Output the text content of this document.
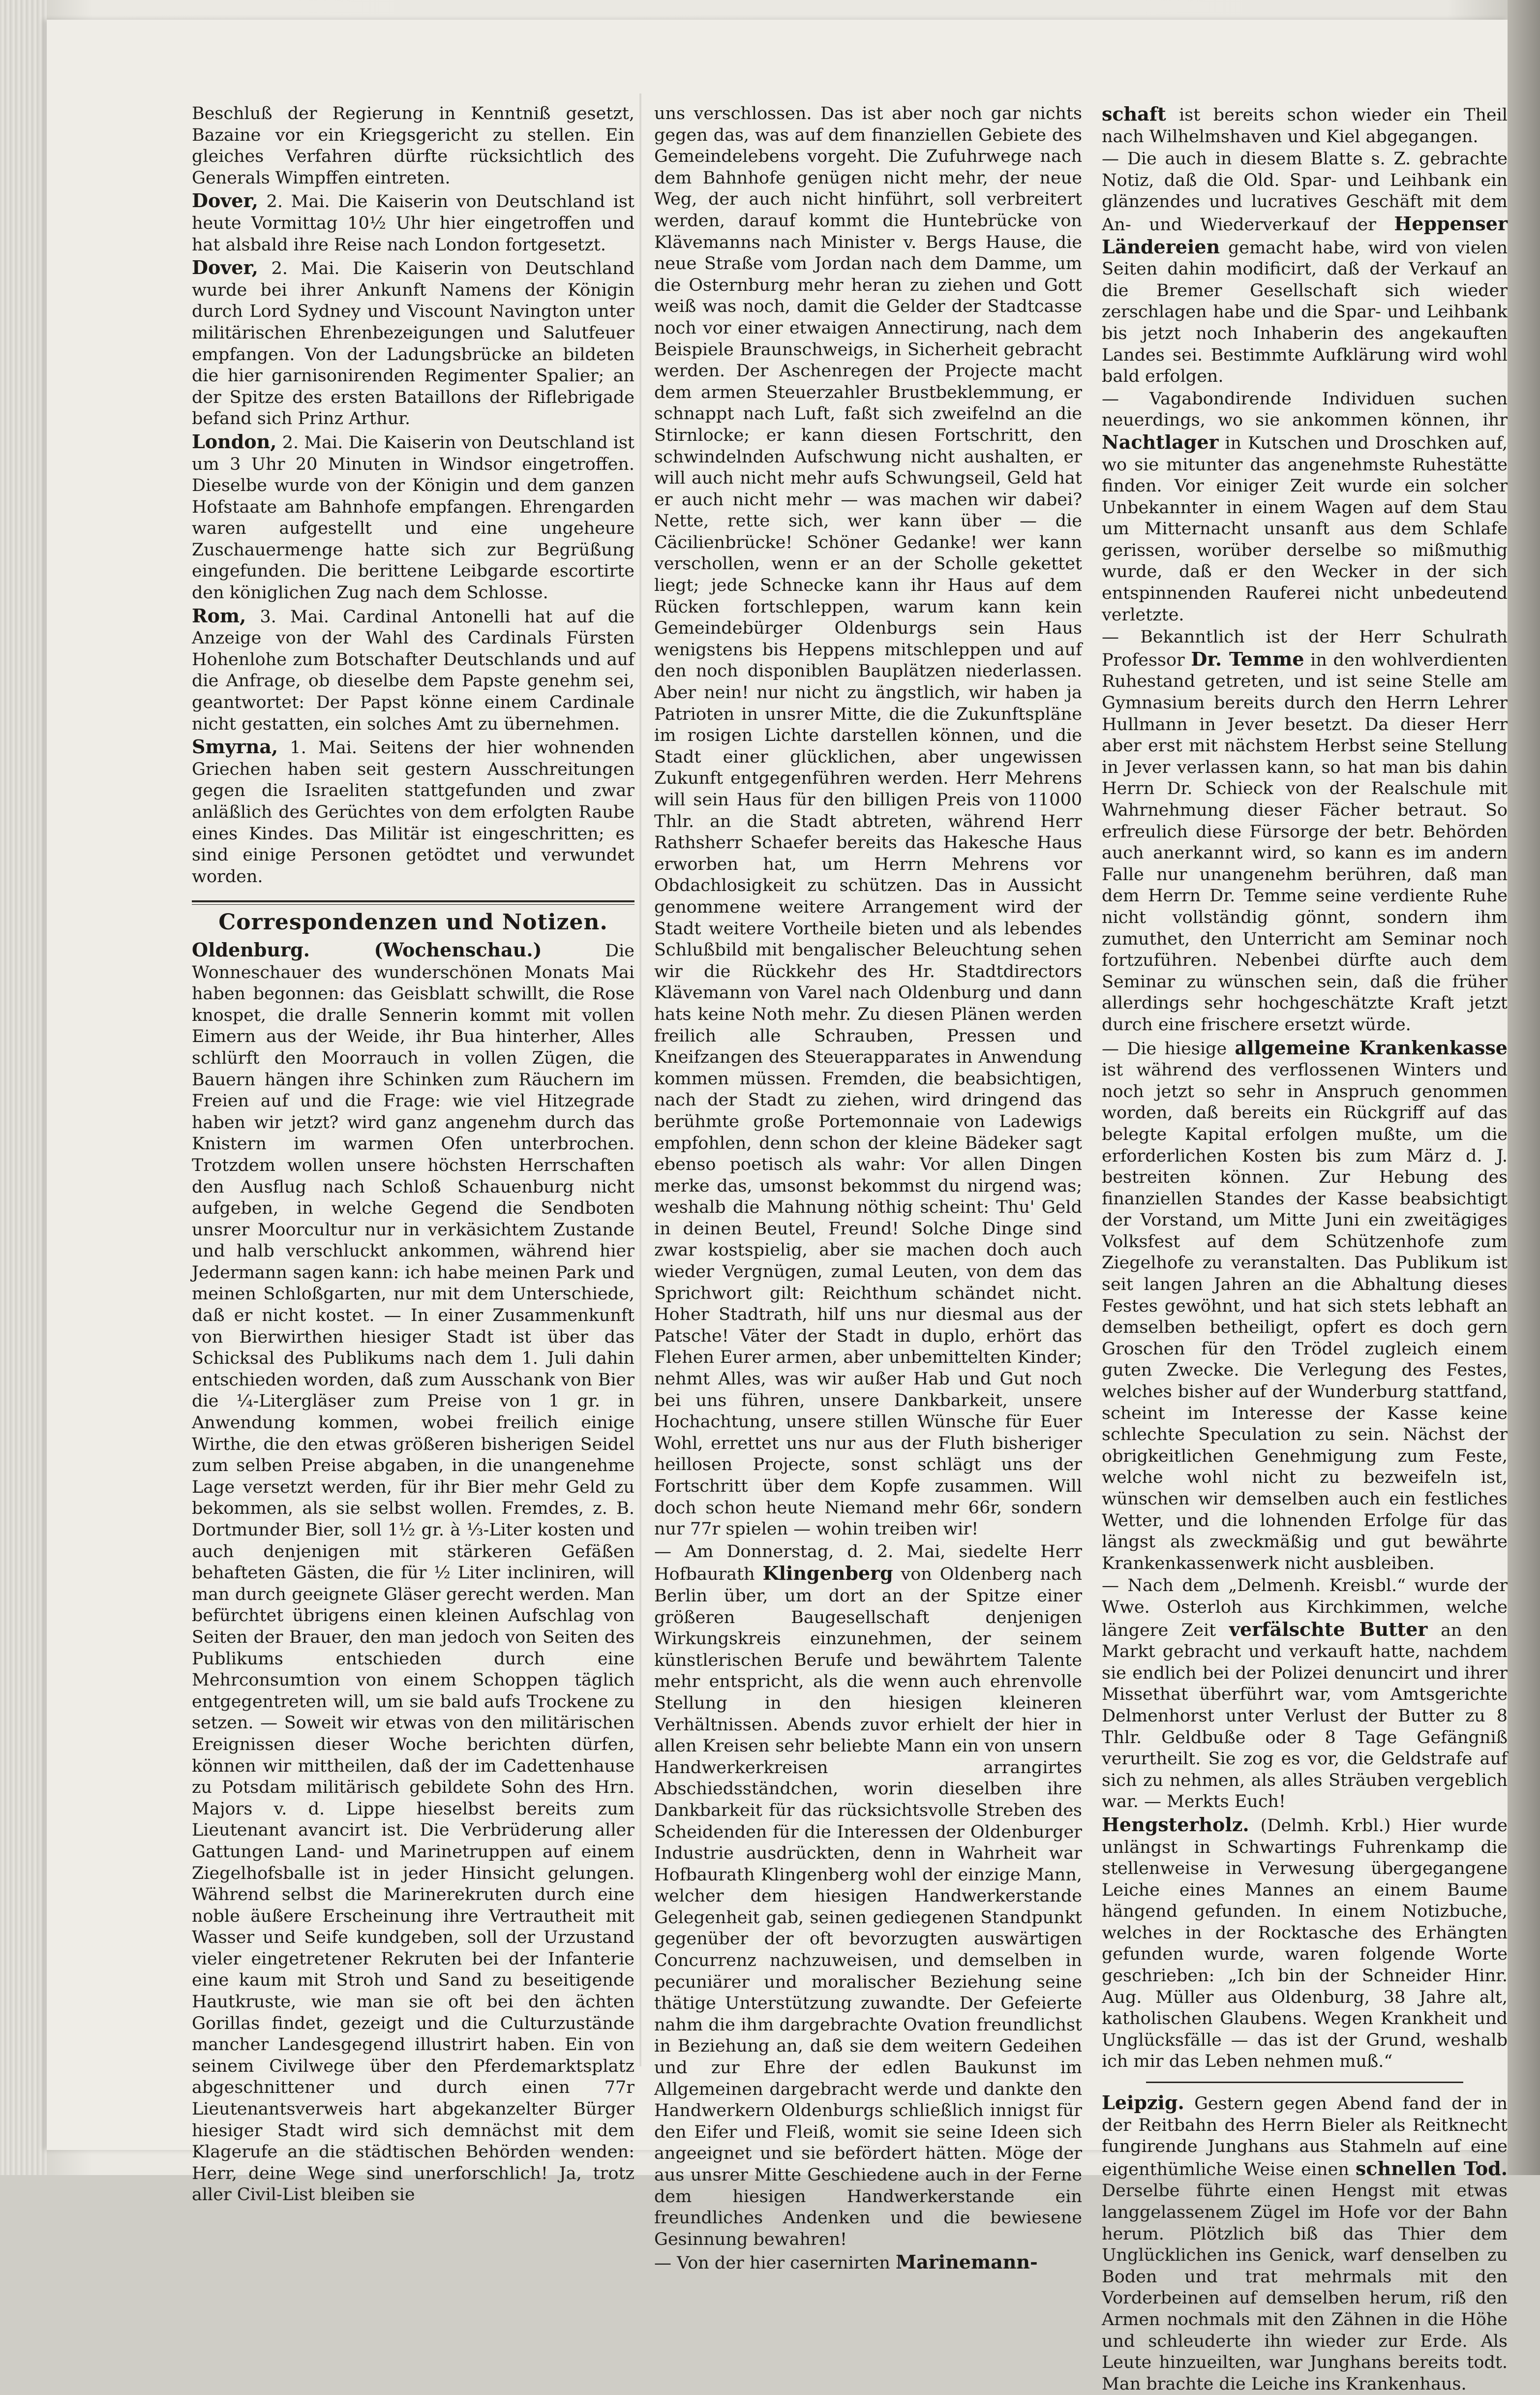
Beschluß der Regierung in Kenntniß gesetzt, Bazaine vor ein Kriegsgericht zu stellen. Ein gleiches Verfahren dürfte rücksichtlich des Generals Wimpffen eintreten.

Dover, 2. Mai. Die Kaiserin von Deutschland ist heute Vormittag 10½ Uhr hier eingetroffen und hat alsbald ihre Reise nach London fortgesetzt.

Dover, 2. Mai. Die Kaiserin von Deutschland wurde bei ihrer Ankunft Namens der Königin durch Lord Sydney und Viscount Navington unter militärischen Ehrenbezeigungen und Salutfeuer empfangen. Von der Ladungsbrücke an bildeten die hier garnisonirenden Regimenter Spalier; an der Spitze des ersten Bataillons der Riflebrigade befand sich Prinz Arthur.

London, 2. Mai. Die Kaiserin von Deutschland ist um 3 Uhr 20 Minuten in Windsor eingetroffen. Dieselbe wurde von der Königin und dem ganzen Hofstaate am Bahnhofe empfangen. Ehrengarden waren aufgestellt und eine ungeheure Zuschauermenge hatte sich zur Begrüßung eingefunden. Die berittene Leibgarde escortirte den königlichen Zug nach dem Schlosse.

Rom, 3. Mai. Cardinal Antonelli hat auf die Anzeige von der Wahl des Cardinals Fürsten Hohenlohe zum Botschafter Deutschlands und auf die Anfrage, ob dieselbe dem Papste genehm sei, geantwortet: Der Papst könne einem Cardinale nicht gestatten, ein solches Amt zu übernehmen.

Smyrna, 1. Mai. Seitens der hier wohnenden Griechen haben seit gestern Ausschreitungen gegen die Israeliten stattgefunden und zwar anläßlich des Gerüchtes von dem erfolgten Raube eines Kindes. Das Militär ist eingeschritten; es sind einige Personen getödtet und verwundet worden.

Correspondenzen und Notizen.

Oldenburg. (Wochenschau.)	Die Wonneschauer des wunderschönen Monats Mai haben begonnen: das Geisblatt schwillt, die Rose knospet, die dralle Sennerin kommt mit vollen Eimern aus der Weide, ihr Bua hinterher, Alles schlürft den Moorrauch in vollen Zügen, die Bauern hängen ihre Schinken zum Räuchern im Freien auf und die Frage: wie viel Hitzegrade haben wir jetzt? wird ganz angenehm durch das Knistern im warmen Ofen unterbrochen. Trotzdem wollen unsere höchsten Herrschaften den Ausflug nach Schloß Schauenburg nicht aufgeben, in welche Gegend die Sendboten unsrer Moorcultur nur in verkäsichtem Zustande und halb verschluckt ankommen, während hier Jedermann sagen kann: ich habe meinen Park und meinen Schloßgarten, nur mit dem Unterschiede, daß er nicht kostet. — In einer Zusammenkunft von Bierwirthen hiesiger Stadt ist über das Schicksal des Publikums nach dem 1. Juli dahin entschieden worden, daß zum Ausschank von Bier die ¼-Litergläser zum Preise von 1 gr. in Anwendung kommen, wobei freilich einige Wirthe, die den etwas größeren bisherigen Seidel zum selben Preise abgaben, in die unangenehme Lage versetzt werden, für ihr Bier mehr Geld zu bekommen, als sie selbst wollen. Fremdes, z. B. Dortmunder Bier, soll 1½ gr. à ⅓-Liter kosten und auch denjenigen mit stärkeren Gefäßen behafteten Gästen, die für ½ Liter incliniren, will man durch geeignete Gläser gerecht werden. Man befürchtet übrigens einen kleinen Aufschlag von Seiten der Brauer, den man jedoch von Seiten des Publikums entschieden durch eine Mehrconsumtion von einem Schoppen täglich entgegentreten will, um sie bald aufs Trockene zu setzen. — Soweit wir etwas von den militärischen Ereignissen dieser Woche berichten dürfen, können wir mittheilen, daß der im Cadettenhause zu Potsdam militärisch gebildete Sohn des Hrn. Majors v. d. Lippe hieselbst bereits zum Lieutenant avancirt ist. Die Verbrüderung aller Gattungen Land- und Marinetruppen auf einem Ziegelhofsballe ist in jeder Hinsicht gelungen. Während selbst die Marinerekruten durch eine noble äußere Erscheinung ihre Vertrautheit mit Wasser und Seife kundgeben, soll der Urzustand vieler eingetretener Rekruten bei der Infanterie eine kaum mit Stroh und Sand zu beseitigende Hautkruste, wie man sie oft bei den ächten Gorillas findet, gezeigt und die Culturzustände mancher Landesgegend illustrirt haben. Ein von seinem Civilwege über den Pferdemarktsplatz abgeschnittener und durch einen 77r Lieutenantsverweis hart abgekanzelter Bürger hiesiger Stadt wird sich demnächst mit dem Klagerufe an die städtischen Behörden wenden: Herr, deine Wege sind unerforschlich! Ja, trotz aller Civil-List bleiben sie

uns verschlossen. Das ist aber noch gar nichts gegen das, was auf dem finanziellen Gebiete des Gemeindelebens vorgeht. Die Zufuhrwege nach dem Bahnhofe genügen nicht mehr, der neue Weg, der auch nicht hinführt, soll verbreitert werden, darauf kommt die Huntebrücke von Klävemanns nach Minister v. Bergs Hause, die neue Straße vom Jordan nach dem Damme, um die Osternburg mehr heran zu ziehen und Gott weiß was noch, damit die Gelder der Stadtcasse noch vor einer etwaigen Annectirung, nach dem Beispiele Braunschweigs, in Sicherheit gebracht werden. Der Aschenregen der Projecte macht dem armen Steuerzahler Brustbeklemmung, er schnappt nach Luft, faßt sich zweifelnd an die Stirnlocke; er kann diesen Fortschritt, den schwindelnden Aufschwung nicht aushalten, er will auch nicht mehr aufs Schwungseil, Geld hat er auch nicht mehr — was machen wir dabei? Nette, rette sich, wer kann über — die Cäcilienbrücke! Schöner Gedanke! wer kann verschollen, wenn er an der Scholle gekettet liegt; jede Schnecke kann ihr Haus auf dem Rücken fortschleppen, warum kann kein Gemeindebürger Oldenburgs sein Haus wenigstens bis Heppens mitschleppen und auf den noch disponiblen Bauplätzen niederlassen. Aber nein! nur nicht zu ängstlich, wir haben ja Patrioten in unsrer Mitte, die die Zukunftspläne im rosigen Lichte darstellen können, und die Stadt einer glücklichen, aber ungewissen Zukunft entgegenführen werden. Herr Mehrens will sein Haus für den billigen Preis von 11000 Thlr. an die Stadt abtreten, während Herr Rathsherr Schaefer bereits das Hakesche Haus erworben hat, um Herrn Mehrens vor Obdachlosigkeit zu schützen. Das in Aussicht genommene weitere Arrangement wird der Stadt weitere Vortheile bieten und als lebendes Schlußbild mit bengalischer Beleuchtung sehen wir die Rückkehr des Hr. Stadtdirectors Klävemann von Varel nach Oldenburg und dann hats keine Noth mehr. Zu diesen Plänen werden freilich alle Schrauben, Pressen und Kneifzangen des Steuerapparates in Anwendung kommen müssen. Fremden, die beabsichtigen, nach der Stadt zu ziehen, wird dringend das berühmte große Portemonnaie von Ladewigs empfohlen, denn schon der kleine Bädeker sagt ebenso poetisch als wahr: Vor allen Dingen merke das, umsonst bekommst du nirgend was; weshalb die Mahnung nöthig scheint: Thu' Geld in deinen Beutel, Freund! Solche Dinge sind zwar kostspielig, aber sie machen doch auch wieder Vergnügen, zumal Leuten, von dem das Sprichwort gilt: Reichthum schändet nicht. Hoher Stadtrath, hilf uns nur diesmal aus der Patsche! Väter der Stadt in duplo, erhört das Flehen Eurer armen, aber unbemittelten Kinder; nehmt Alles, was wir außer Hab und Gut noch bei uns führen, unsere Dankbarkeit, unsere Hochachtung, unsere stillen Wünsche für Euer Wohl, errettet uns nur aus der Fluth bisheriger heillosen Projecte, sonst schlägt uns der Fortschritt über dem Kopfe zusammen. Will doch schon heute Niemand mehr 66r, sondern nur 77r spielen — wohin treiben wir!

— Am Donnerstag, d. 2. Mai, siedelte Herr Hofbaurath Klingenberg von Oldenberg nach Berlin über, um dort an der Spitze einer größeren Baugesellschaft denjenigen Wirkungskreis einzunehmen, der seinem künstlerischen Berufe und bewährtem Talente mehr entspricht, als die wenn auch ehrenvolle Stellung in den hiesigen kleineren Verhältnissen. Abends zuvor erhielt der hier in allen Kreisen sehr beliebte Mann ein von unsern Handwerkerkreisen arrangirtes Abschiedsständchen, worin dieselben ihre Dankbarkeit für das rücksichtsvolle Streben des Scheidenden für die Interessen der Oldenburger Industrie ausdrückten, denn in Wahrheit war Hofbaurath Klingenberg wohl der einzige Mann, welcher dem hiesigen Handwerkerstande Gelegenheit gab, seinen gediegenen Standpunkt gegenüber der oft bevorzugten auswärtigen Concurrenz nachzuweisen, und demselben in pecuniärer und moralischer Beziehung seine thätige Unterstützung zuwandte. Der Gefeierte nahm die ihm dargebrachte Ovation freundlichst in Beziehung an, daß sie dem weitern Gedeihen und zur Ehre der edlen Baukunst im Allgemeinen dargebracht werde und dankte den Handwerkern Oldenburgs schließlich innigst für den Eifer und Fleiß, womit sie seine Ideen sich angeeignet und sie befördert hätten. Möge der aus unsrer Mitte Geschiedene auch in der Ferne dem hiesigen Handwerkerstande ein freundliches Andenken und die bewiesene Gesinnung bewahren!

— Von der hier casernirten Marinemann-

schaft ist bereits schon wieder ein Theil nach Wilhelmshaven und Kiel abgegangen.

— Die auch in diesem Blatte s. Z. gebrachte Notiz, daß die Old. Spar- und Leihbank ein glänzendes und lucratives Geschäft mit dem An- und Wiederverkauf der Heppenser Ländereien gemacht habe, wird von vielen Seiten dahin modificirt, daß der Verkauf an die Bremer Gesellschaft sich wieder zerschlagen habe und die Spar- und Leihbank bis jetzt noch Inhaberin des angekauften Landes sei. Bestimmte Aufklärung wird wohl bald erfolgen.

— Vagabondirende Individuen suchen neuerdings, wo sie ankommen können, ihr Nachtlager in Kutschen und Droschken auf, wo sie mitunter das angenehmste Ruhestätte finden. Vor einiger Zeit wurde ein solcher Unbekannter in einem Wagen auf dem Stau um Mitternacht unsanft aus dem Schlafe gerissen, worüber derselbe so mißmuthig wurde, daß er den Wecker in der sich entspinnenden Rauferei nicht unbedeutend verletzte.

— Bekanntlich ist der Herr Schulrath Professor Dr. Temme in den wohlverdienten Ruhestand getreten, und ist seine Stelle am Gymnasium bereits durch den Herrn Lehrer Hullmann in Jever besetzt. Da dieser Herr aber erst mit nächstem Herbst seine Stellung in Jever verlassen kann, so hat man bis dahin Herrn Dr. Schieck von der Realschule mit Wahrnehmung dieser Fächer betraut. So erfreulich diese Fürsorge der betr. Behörden auch anerkannt wird, so kann es im andern Falle nur unangenehm berühren, daß man dem Herrn Dr. Temme seine verdiente Ruhe nicht vollständig gönnt, sondern ihm zumuthet, den Unterricht am Seminar noch fortzuführen. Nebenbei dürfte auch dem Seminar zu wünschen sein, daß die früher allerdings sehr hochgeschätzte Kraft jetzt durch eine frischere ersetzt würde.

— Die hiesige allgemeine Krankenkasse ist während des verflossenen Winters und noch jetzt so sehr in Anspruch genommen worden, daß bereits ein Rückgriff auf das belegte Kapital erfolgen mußte, um die erforderlichen Kosten bis zum März d. J. bestreiten können. Zur Hebung des finanziellen Standes der Kasse beabsichtigt der Vorstand, um Mitte Juni ein zweitägiges Volksfest auf dem Schützenhofe zum Ziegelhofe zu veranstalten. Das Publikum ist seit langen Jahren an die Abhaltung dieses Festes gewöhnt, und hat sich stets lebhaft an demselben betheiligt, opfert es doch gern Groschen für den Trödel zugleich einem guten Zwecke. Die Verlegung des Festes, welches bisher auf der Wunderburg stattfand, scheint im Interesse der Kasse keine schlechte Speculation zu sein. Nächst der obrigkeitlichen Genehmigung zum Feste, welche wohl nicht zu bezweifeln ist, wünschen wir demselben auch ein festliches Wetter, und die lohnenden Erfolge für das längst als zweckmäßig und gut bewährte Krankenkassenwerk nicht ausbleiben.

— Nach dem „Delmenh. Kreisbl.“ wurde der Wwe. Osterloh aus Kirchkimmen, welche längere Zeit verfälschte Butter an den Markt gebracht und verkauft hatte, nachdem sie endlich bei der Polizei denuncirt und ihrer Missethat überführt war, vom Amtsgerichte Delmenhorst unter Verlust der Butter zu 8 Thlr. Geldbuße oder 8 Tage Gefängniß verurtheilt. Sie zog es vor, die Geldstrafe auf sich zu nehmen, als alles Sträuben vergeblich war. — Merkts Euch!

Hengsterholz. (Delmh. Krbl.) Hier wurde unlängst in Schwartings Fuhrenkamp die stellenweise in Verwesung übergegangene Leiche eines Mannes an einem Baume hängend gefunden. In einem Notizbuche, welches in der Rocktasche des Erhängten gefunden wurde, waren folgende Worte geschrieben: „Ich bin der Schneider Hinr. Aug. Müller aus Oldenburg, 38 Jahre alt, katholischen Glaubens. Wegen Krankheit und Unglücksfälle — das ist der Grund, weshalb ich mir das Leben nehmen muß.“

Leipzig. Gestern gegen Abend fand der in der Reitbahn des Herrn Bieler als Reitknecht fungirende Junghans aus Stahmeln auf eine eigenthümliche Weise einen schnellen Tod. Derselbe führte einen Hengst mit etwas langgelassenem Zügel im Hofe vor der Bahn herum. Plötzlich biß das Thier dem Unglücklichen ins Genick, warf denselben zu Boden und trat mehrmals mit den Vorderbeinen auf demselben herum, riß den Armen nochmals mit den Zähnen in die Höhe und schleuderte ihn wieder zur Erde. Als Leute hinzueilten, war Junghans bereits todt. Man brachte die Leiche ins Krankenhaus.
